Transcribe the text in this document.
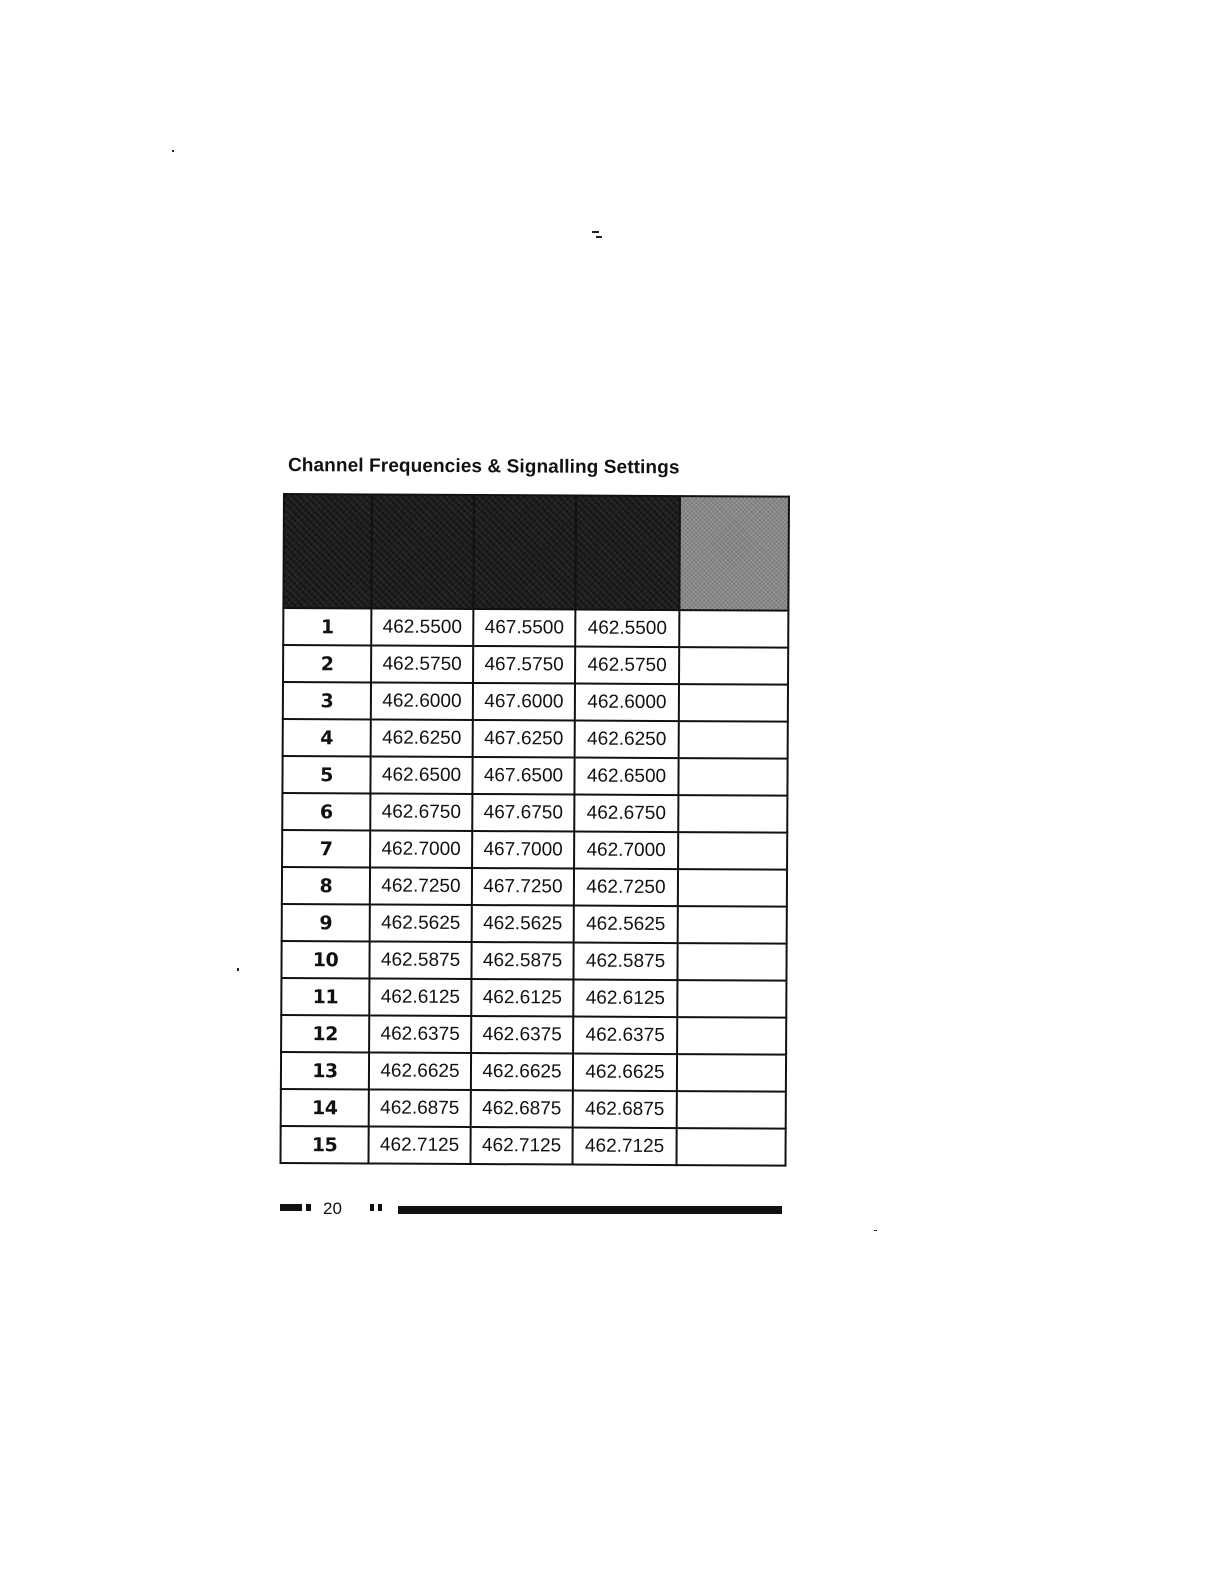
Channel Frequencies & Signalling Settings

1	462.5500	467.5500	462.5500	
2	462.5750	467.5750	462.5750	
3	462.6000	467.6000	462.6000	
4	462.6250	467.6250	462.6250	
5	462.6500	467.6500	462.6500	
6	462.6750	467.6750	462.6750	
7	462.7000	467.7000	462.7000	
8	462.7250	467.7250	462.7250	
9	462.5625	462.5625	462.5625	
10	462.5875	462.5875	462.5875	
11	462.6125	462.6125	462.6125	
12	462.6375	462.6375	462.6375	
13	462.6625	462.6625	462.6625	
14	462.6875	462.6875	462.6875	
15	462.7125	462.7125	462.7125	
20
